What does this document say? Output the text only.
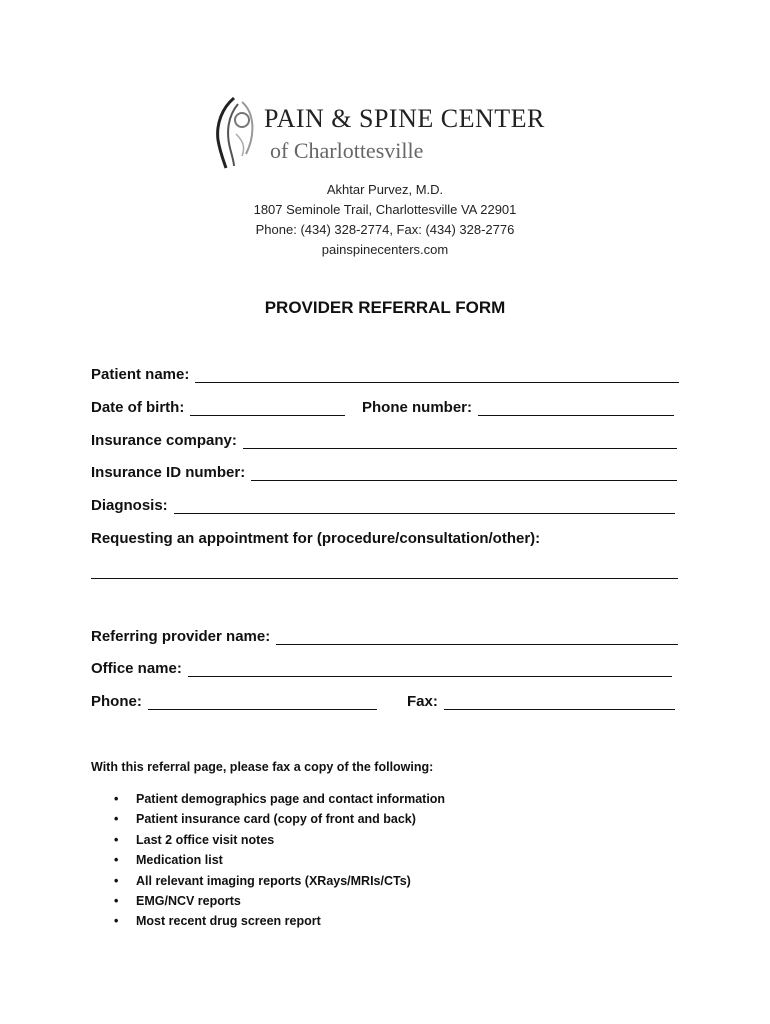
PAIN & SPINE CENTER
of Charlottesville
Akhtar Purvez, M.D.
1807 Seminole Trail, Charlottesville VA 22901
Phone: (434) 328-2774, Fax: (434) 328-2776
painspinecenters.com
PROVIDER REFERRAL FORM
Patient name:
Date of birth:	Phone number:
Insurance company:
Insurance ID number:
Diagnosis:
Requesting an appointment for (procedure/consultation/other):
Referring provider name:
Office name:
Phone:	Fax:
With this referral page, please fax a copy of the following:
• Patient demographics page and contact information
• Patient insurance card (copy of front and back)
• Last 2 office visit notes
• Medication list
• All relevant imaging reports (XRays/MRIs/CTs)
• EMG/NCV reports
• Most recent drug screen report
